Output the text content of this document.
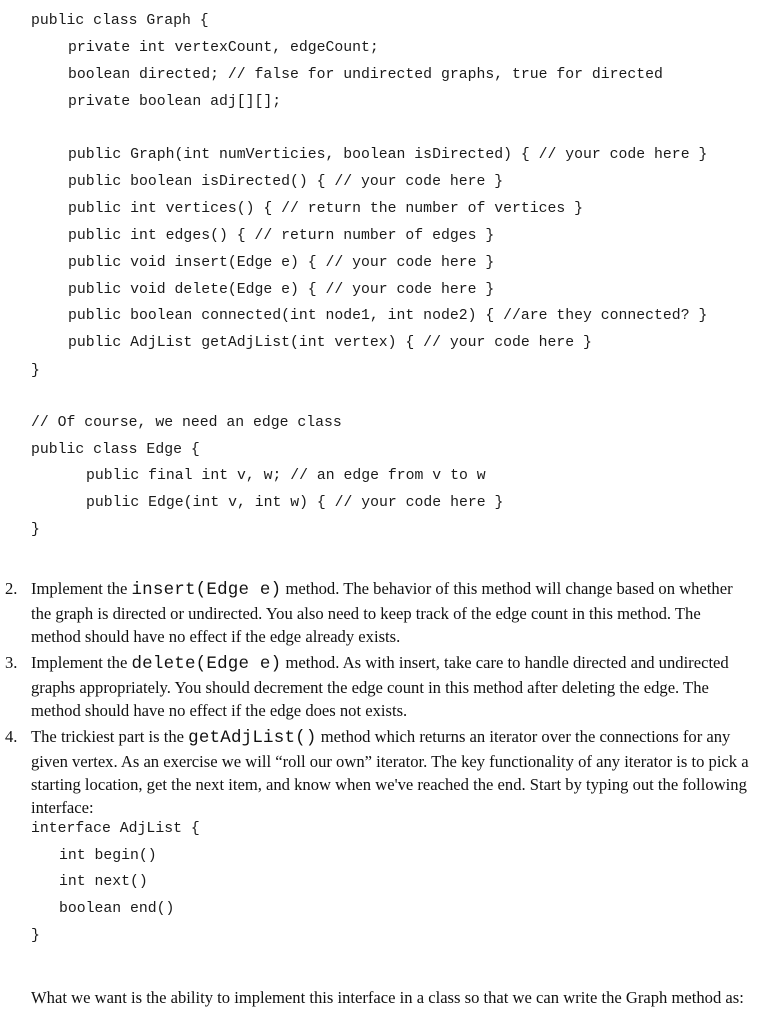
public class Graph {
private int vertexCount, edgeCount;
boolean directed; // false for undirected graphs, true for directed
private boolean adj[][];
public Graph(int numVerticies, boolean isDirected) { // your code here }
public boolean isDirected() { // your code here }
public int vertices() { // return the number of vertices }
public int edges() { // return number of edges }
public void insert(Edge e) { // your code here }
public void delete(Edge e) { // your code here }
public boolean connected(int node1, int node2) { //are they connected? }
public AdjList getAdjList(int vertex) { // your code here }
}
// Of course, we need an edge class
public class Edge {
public final int v, w; // an edge from v to w
public Edge(int v, int w) { // your code here }
}
2. Implement the insert(Edge e) method. The behavior of this method will change based on whether the graph is directed or undirected. You also need to keep track of the edge count in this method. The method should have no effect if the edge already exists.
3. Implement the delete(Edge e) method. As with insert, take care to handle directed and undirected graphs appropriately. You should decrement the edge count in this method after deleting the edge. The method should have no effect if the edge does not exists.
4. The trickiest part is the getAdjList() method which returns an iterator over the connections for any given vertex. As an exercise we will “roll our own” iterator. The key functionality of any iterator is to pick a starting location, get the next item, and know when we've reached the end. Start by typing out the following interface:
interface AdjList {
int begin()
int next()
boolean end()
}
What we want is the ability to implement this interface in a class so that we can write the Graph method as:
